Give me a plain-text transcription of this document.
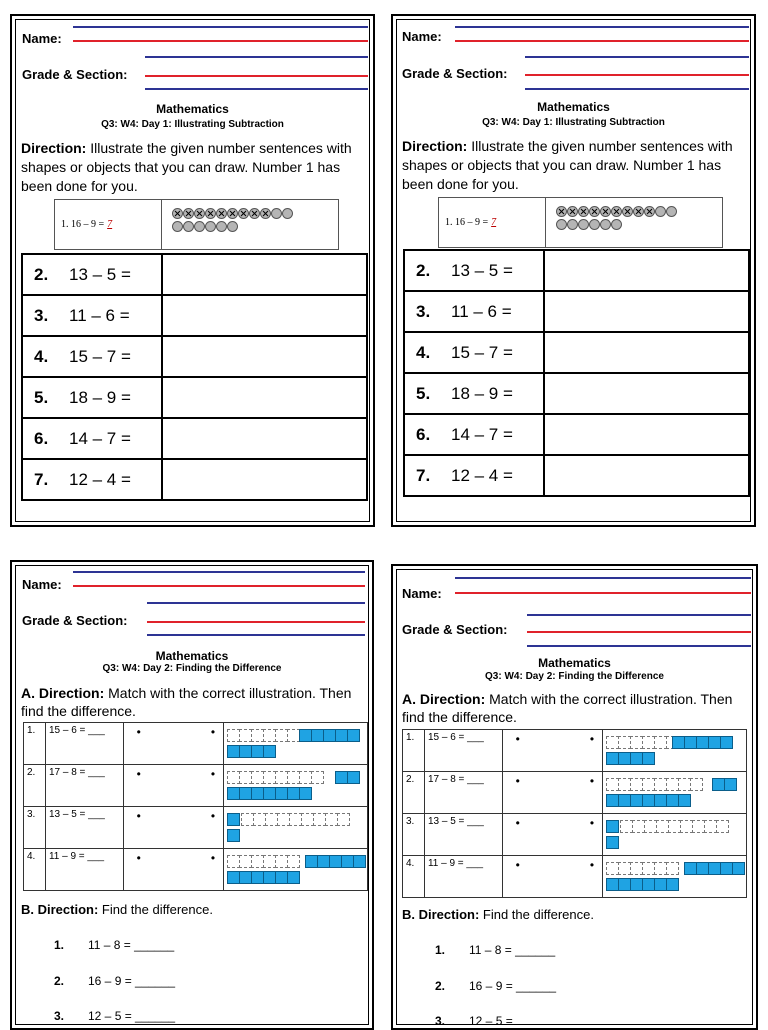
Name:
Grade & Section:
Mathematics
Q3: W4: Day 1: Illustrating Subtraction
Direction: Illustrate the given number sentences with shapes or objects that you can draw. Number 1 has been done for you.
1. 16 – 9 = 7
2. 13 – 5 =	
3. 11 – 6 =	
4. 15 – 7 =	
5. 18 – 9 =	
6. 14 – 7 =	
7. 12 – 4 =	
Name:
Grade & Section:
Mathematics
Q3: W4: Day 1: Illustrating Subtraction
Direction: Illustrate the given number sentences with shapes or objects that you can draw. Number 1 has been done for you.
1. 16 – 9 = 7
2. 13 – 5 =	
3. 11 – 6 =	
4. 15 – 7 =	
5. 18 – 9 =	
6. 14 – 7 =	
7. 12 – 4 =	
Name:
Grade & Section:
Mathematics
Q3: W4: Day 2: Finding the Difference
A. Direction: Match with the correct illustration. Then find the difference.
1.	15 – 6 = ___	• •	

2.	17 – 8 = ___	• •	

3.	13 – 5 = ___	• •	

4.	11 – 9 = ___	• •	
B. Direction: Find the difference.
1. 11 – 8 = ______
2. 16 – 9 = ______
3. 12 – 5 = ______
Name:
Grade & Section:
Mathematics
Q3: W4: Day 2: Finding the Difference
A. Direction: Match with the correct illustration. Then find the difference.
1.	15 – 6 = ___	• •	

2.	17 – 8 = ___	• •	

3.	13 – 5 = ___	• •	

4.	11 – 9 = ___	• •	
B. Direction: Find the difference.
1. 11 – 8 = ______
2. 16 – 9 = ______
3. 12 – 5 =
